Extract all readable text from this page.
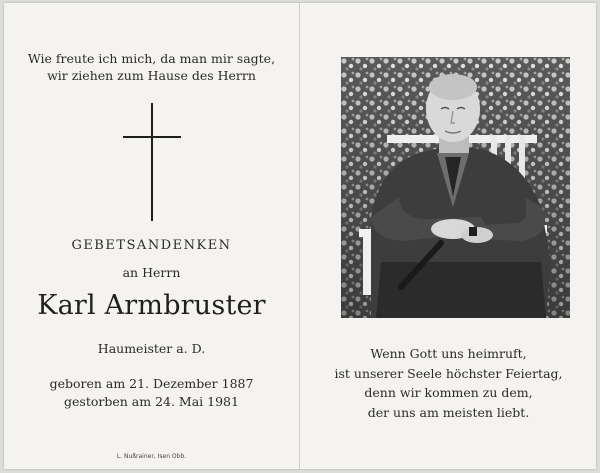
Wie freute ich mich, da man mir sagte,
wir ziehen zum Hause des Herrn
GEBETSANDENKEN
an Herrn
Karl Armbruster
Haumeister a. D.
geboren am 21. Dezember 1887
gestorben am 24. Mai 1981
L. Nußrainer, Isen Obb.
Wenn Gott uns heimruft,
ist unserer Seele höchster Feiertag,
denn wir kommen zu dem,
der uns am meisten liebt.
